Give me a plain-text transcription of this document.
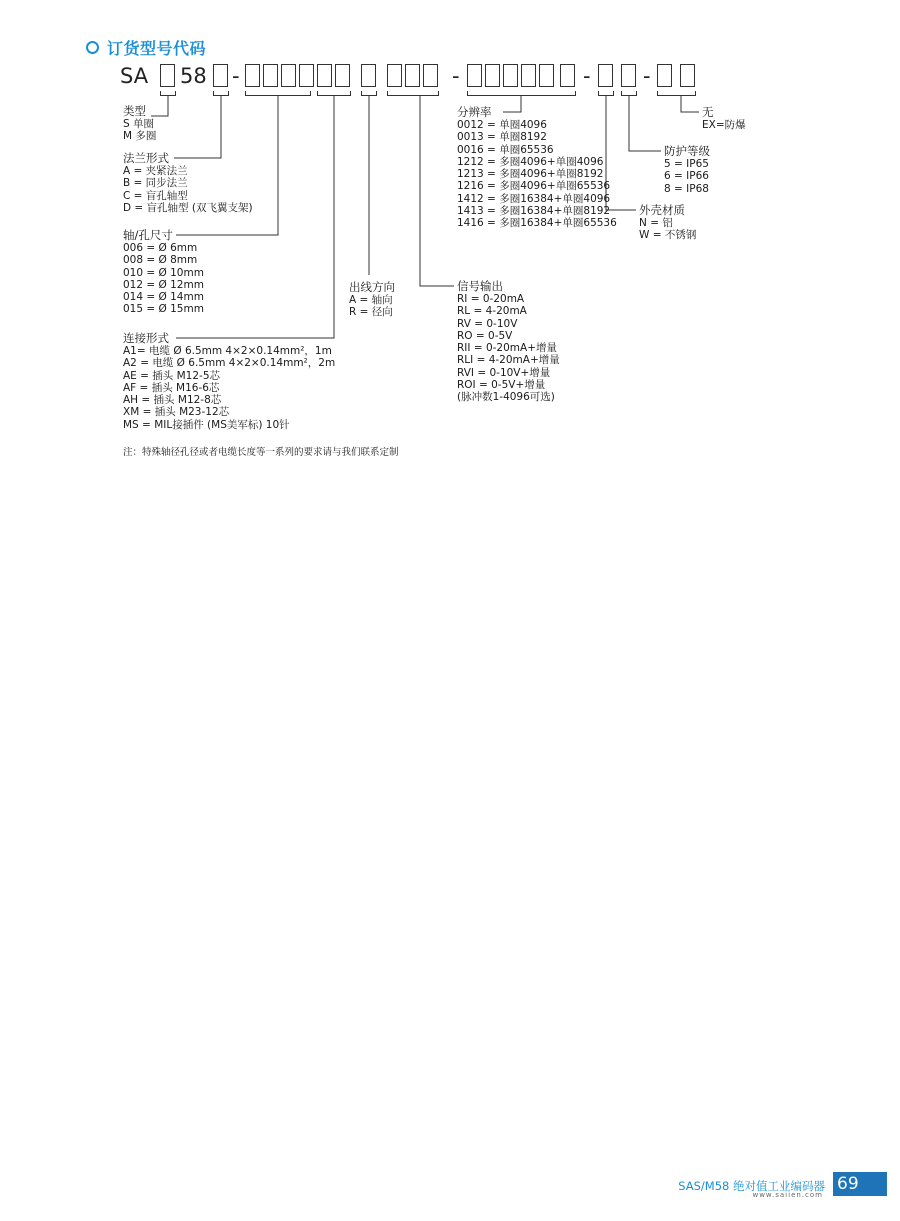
订货型号代码
SA 58 -	-	- -
类型
S 单圈
M 多圈
法兰形式
A = 夹紧法兰
B = 同步法兰
C = 盲孔轴型
D = 盲孔轴型 (双飞翼支架)
轴/孔尺寸
006 = Ø 6mm
008 = Ø 8mm
010 = Ø 10mm
012 = Ø 12mm
014 = Ø 14mm
015 = Ø 15mm
连接形式
A1= 电缆 Ø 6.5mm 4×2×0.14mm²，1m
A2 = 电缆 Ø 6.5mm 4×2×0.14mm²，2m
AE = 插头 M12-5芯
AF = 插头 M16-6芯
AH = 插头 M12-8芯
XM = 插头 M23-12芯
MS = MIL接插件 (MS美军标) 10针
出线方向
A = 轴向
R = 径向
信号输出
RI = 0-20mA
RL = 4-20mA
RV = 0-10V
RO = 0-5V
RII = 0-20mA+增量
RLI = 4-20mA+增量
RVI = 0-10V+增量
ROI = 0-5V+增量
(脉冲数1-4096可选)
分辨率
0012 = 单圈4096
0013 = 单圈8192
0016 = 单圈65536
1212 = 多圈4096+单圈4096
1213 = 多圈4096+单圈8192
1216 = 多圈4096+单圈65536
1412 = 多圈16384+单圈4096
1413 = 多圈16384+单圈8192
1416 = 多圈16384+单圈65536
外壳材质
N = 铝
W = 不锈钢
防护等级
5 = IP65
6 = IP66
8 = IP68
无
EX=防爆
注：特殊轴径孔径或者电缆长度等一系列的要求请与我们联系定制
SAS/M58 绝对值工业编码器
www.saiien.com
69
